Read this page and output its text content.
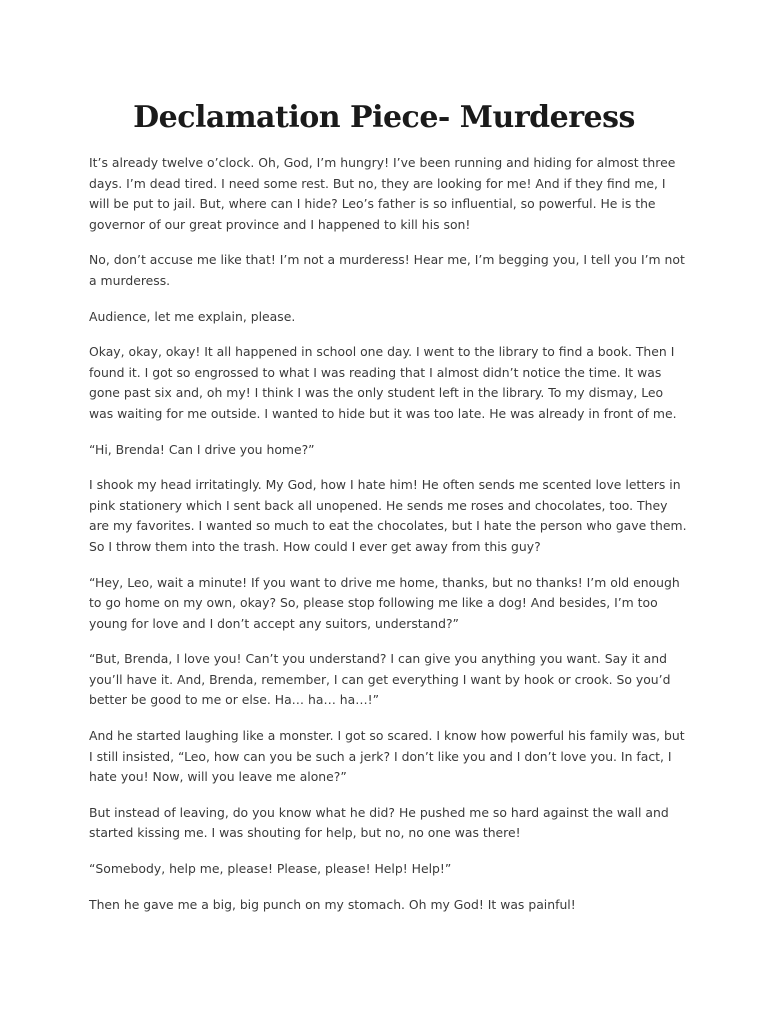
Declamation Piece- Murderess

It’s already twelve o’clock. Oh, God, I’m hungry! I’ve been running and hiding for almost three days. I’m dead tired. I need some rest. But no, they are looking for me! And if they find me, I will be put to jail. But, where can I hide? Leo’s father is so influential, so powerful. He is the governor of our great province and I happened to kill his son!

No, don’t accuse me like that! I’m not a murderess! Hear me, I’m begging you, I tell you I’m not a murderess.

Audience, let me explain, please.

Okay, okay, okay! It all happened in school one day. I went to the library to find a book. Then I found it. I got so engrossed to what I was reading that I almost didn’t notice the time. It was gone past six and, oh my! I think I was the only student left in the library. To my dismay, Leo was waiting for me outside. I wanted to hide but it was too late. He was already in front of me.

“Hi, Brenda! Can I drive you home?”

I shook my head irritatingly. My God, how I hate him! He often sends me scented love letters in pink stationery which I sent back all unopened. He sends me roses and chocolates, too. They are my favorites. I wanted so much to eat the chocolates, but I hate the person who gave them. So I throw them into the trash. How could I ever get away from this guy?

“Hey, Leo, wait a minute! If you want to drive me home, thanks, but no thanks! I’m old enough to go home on my own, okay? So, please stop following me like a dog! And besides, I’m too young for love and I don’t accept any suitors, understand?”

“But, Brenda, I love you! Can’t you understand? I can give you anything you want. Say it and you’ll have it. And, Brenda, remember, I can get everything I want by hook or crook. So you’d better be good to me or else. Ha… ha… ha…!”

And he started laughing like a monster. I got so scared. I know how powerful his family was, but I still insisted, “Leo, how can you be such a jerk? I don’t like you and I don’t love you. In fact, I hate you! Now, will you leave me alone?”

But instead of leaving, do you know what he did? He pushed me so hard against the wall and started kissing me. I was shouting for help, but no, no one was there!

“Somebody, help me, please! Please, please! Help! Help!”

Then he gave me a big, big punch on my stomach. Oh my God! It was painful!
